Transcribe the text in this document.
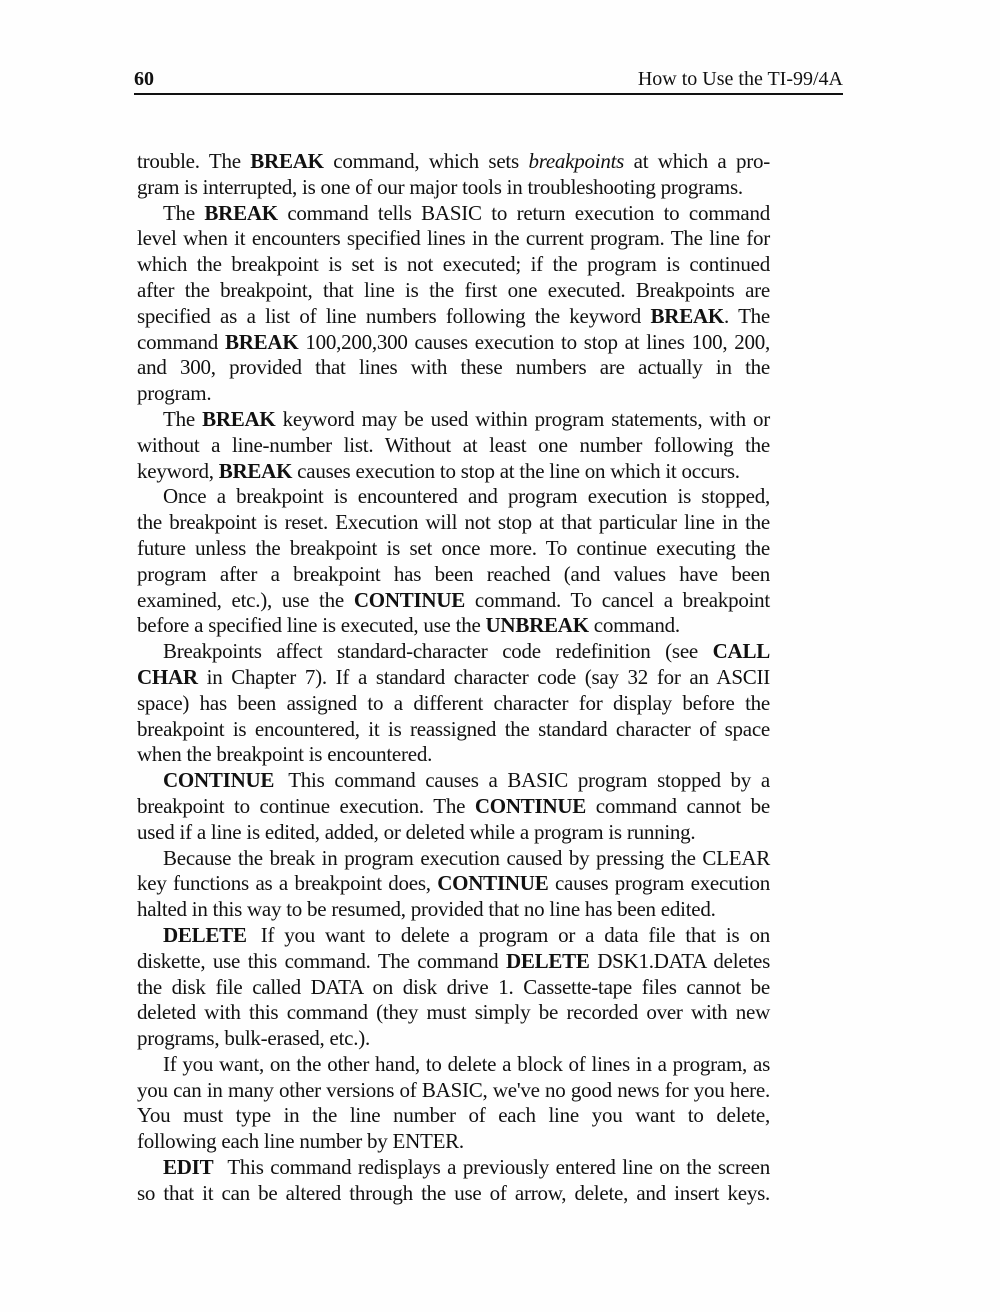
60	How to Use the TI-99/4A
trouble. The BREAK command, which sets breakpoints at which a pro-
gram is interrupted, is one of our major tools in troubleshooting programs.
The BREAK command tells BASIC to return execution to command
level when it encounters specified lines in the current program. The line for
which the breakpoint is set is not executed; if the program is continued
after the breakpoint, that line is the first one executed. Breakpoints are
specified as a list of line numbers following the keyword BREAK. The
command BREAK 100,200,300 causes execution to stop at lines 100, 200,
and 300, provided that lines with these numbers are actually in the
program.
The BREAK keyword may be used within program statements, with or
without a line-number list. Without at least one number following the
keyword, BREAK causes execution to stop at the line on which it occurs.
Once a breakpoint is encountered and program execution is stopped,
the breakpoint is reset. Execution will not stop at that particular line in the
future unless the breakpoint is set once more. To continue executing the
program after a breakpoint has been reached (and values have been
examined, etc.), use the CONTINUE command. To cancel a breakpoint
before a specified line is executed, use the UNBREAK command.
Breakpoints affect standard-character code redefinition (see CALL
CHAR in Chapter 7). If a standard character code (say 32 for an ASCII
space) has been assigned to a different character for display before the
breakpoint is encountered, it is reassigned the standard character of space
when the breakpoint is encountered.
CONTINUE This command causes a BASIC program stopped by a
breakpoint to continue execution. The CONTINUE command cannot be
used if a line is edited, added, or deleted while a program is running.
Because the break in program execution caused by pressing the CLEAR
key functions as a breakpoint does, CONTINUE causes program execution
halted in this way to be resumed, provided that no line has been edited.
DELETE If you want to delete a program or a data file that is on
diskette, use this command. The command DELETE DSK1.DATA deletes
the disk file called DATA on disk drive 1. Cassette-tape files cannot be
deleted with this command (they must simply be recorded over with new
programs, bulk-erased, etc.).
If you want, on the other hand, to delete a block of lines in a program, as
you can in many other versions of BASIC, we've no good news for you here.
You must type in the line number of each line you want to delete,
following each line number by ENTER.
EDIT This command redisplays a previously entered line on the screen
so that it can be altered through the use of arrow, delete, and insert keys.
